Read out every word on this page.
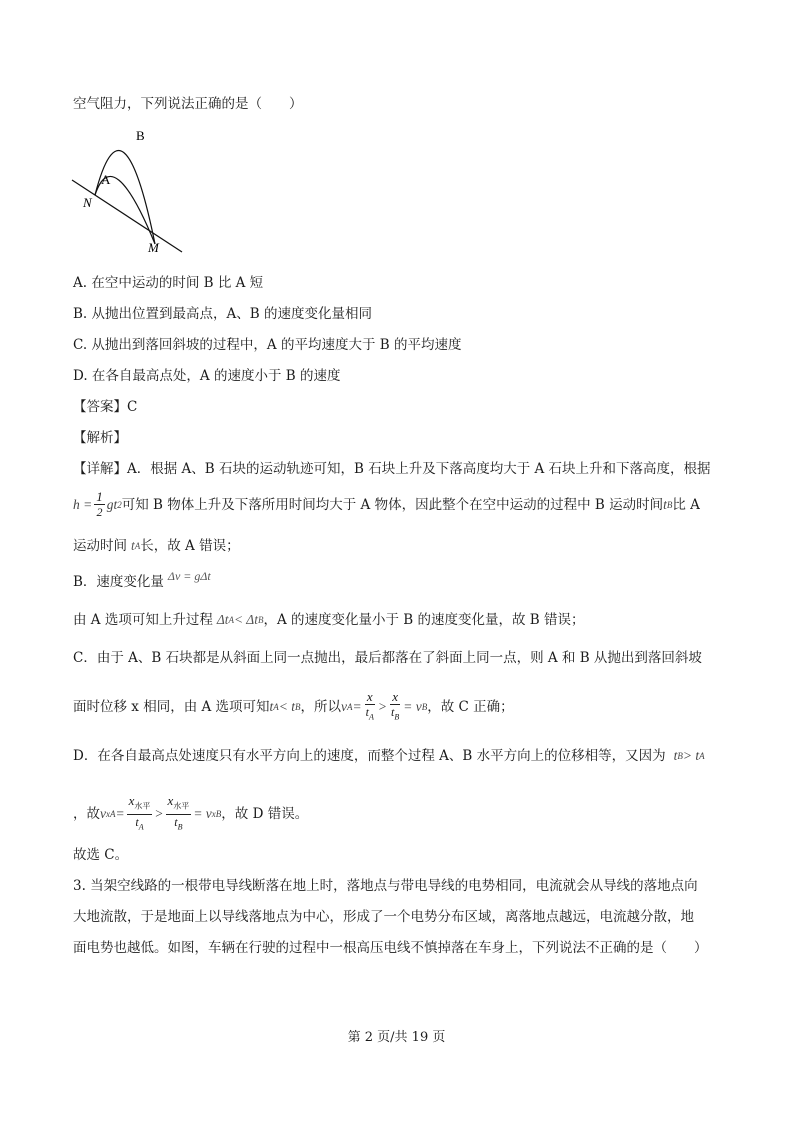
空气阻力，下列说法正确的是（　　）
B
A
N
M
A. 在空中运动的时间 B 比 A 短
B. 从抛出位置到最高点，A、B 的速度变化量相同
C. 从抛出到落回斜坡的过程中，A 的平均速度大于 B 的平均速度
D. 在各自最高点处，A 的速度小于 B 的速度
【答案】C
【解析】
【详解】A．根据 A、B 石块的运动轨迹可知，B 石块上升及下落高度均大于 A 石块上升和下落高度，根据
$h = \frac{1}{2}$ gt 2 可知 B 物体上升及下落所用时间均大于 A 物体，因此整个在空中运动的过程中 B 运动时间 t B 比 A
运动时间 t A 长，故 A 错误；
B．速度变化量 Δv = gΔt
由 A 选项可知上升过程 Δt A < Δt B ，A 的速度变化量小于 B 的速度变化量，故 B 错误；
C．由于 A、B 石块都是从斜面上同一点抛出，最后都落在了斜面上同一点，则 A 和 B 从抛出到落回斜坡
面时位移 x 相同，由 A 选项可知 t A < t B ，所以 v $A = \frac{x}{t_A} > \frac{x}{t_B} = v$ B ，故 C 正确；
D．在各自最高点处速度只有水平方向上的速度，而整个过程 A、B 水平方向上的位移相等，又因为 t B > t A
，故 v xA = $\frac{x_{水平}}{t_A} > \frac{x_{水平}}{t_B} = v$ xB ，故 D 错误。
故选 C。
3. 当架空线路的一根带电导线断落在地上时，落地点与带电导线的电势相同，电流就会从导线的落地点向
大地流散，于是地面上以导线落地点为中心，形成了一个电势分布区域，离落地点越远，电流越分散，地
面电势也越低。如图，车辆在行驶的过程中一根高压电线不慎掉落在车身上，下列说法不正确的是（　　）
第 2 页/共 19 页
